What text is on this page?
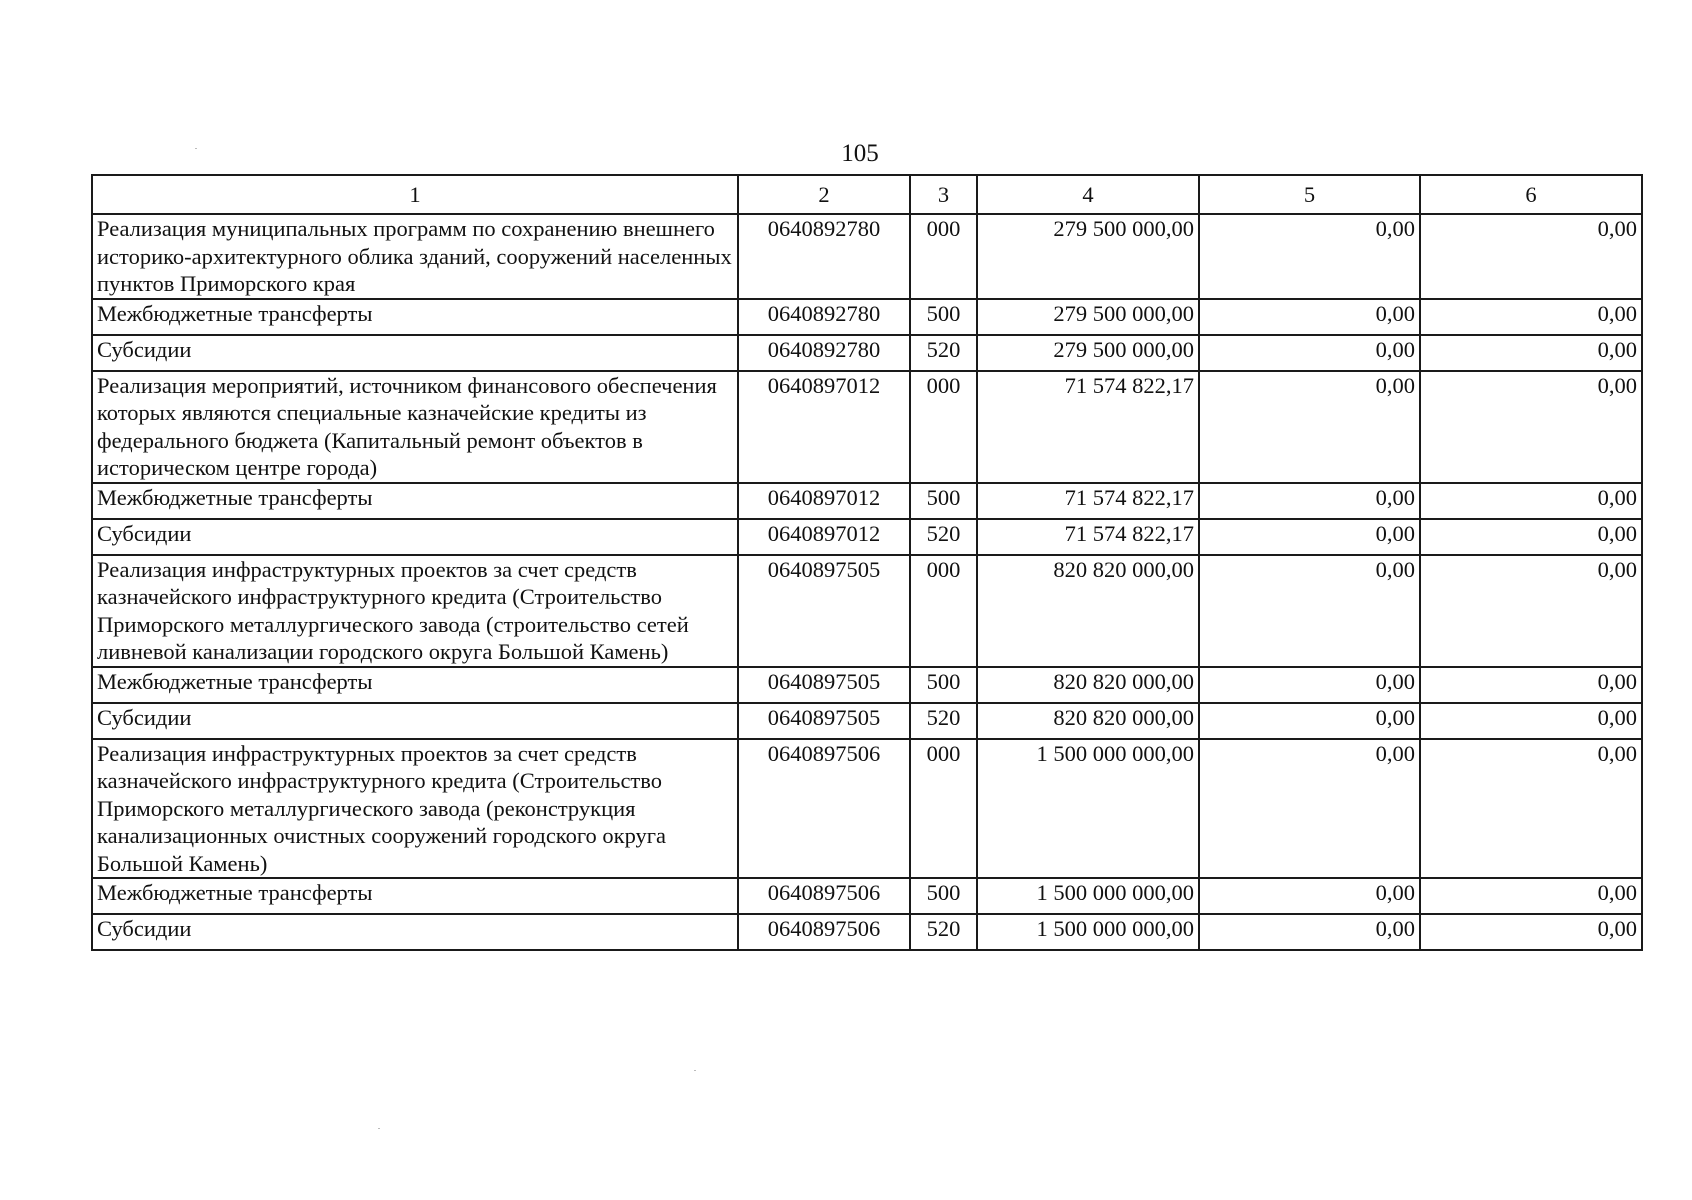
105
1	2	3	4	5	6
Реализация муниципальных программ по сохранению внешнего историко-архитектурного облика зданий, сооружений населенных пунктов Приморского края	0640892780	000	279 500 000,00	0,00	0,00
Межбюджетные трансферты	0640892780	500	279 500 000,00	0,00	0,00
Субсидии	0640892780	520	279 500 000,00	0,00	0,00
Реализация мероприятий, источником финансового обеспечения которых являются специальные казначейские кредиты из федерального бюджета (Капитальный ремонт объектов в историческом центре города)	0640897012	000	71 574 822,17	0,00	0,00
Межбюджетные трансферты	0640897012	500	71 574 822,17	0,00	0,00
Субсидии	0640897012	520	71 574 822,17	0,00	0,00
Реализация инфраструктурных проектов за счет средств казначейского инфраструктурного кредита (Строительство Приморского металлургического завода (строительство сетей ливневой канализации городского округа Большой Камень)	0640897505	000	820 820 000,00	0,00	0,00
Межбюджетные трансферты	0640897505	500	820 820 000,00	0,00	0,00
Субсидии	0640897505	520	820 820 000,00	0,00	0,00
Реализация инфраструктурных проектов за счет средств казначейского инфраструктурного кредита (Строительство Приморского металлургического завода (реконструкция канализационных очистных сооружений городского округа Большой Камень)	0640897506	000	1 500 000 000,00	0,00	0,00
Межбюджетные трансферты	0640897506	500	1 500 000 000,00	0,00	0,00
Субсидии	0640897506	520	1 500 000 000,00	0,00	0,00
